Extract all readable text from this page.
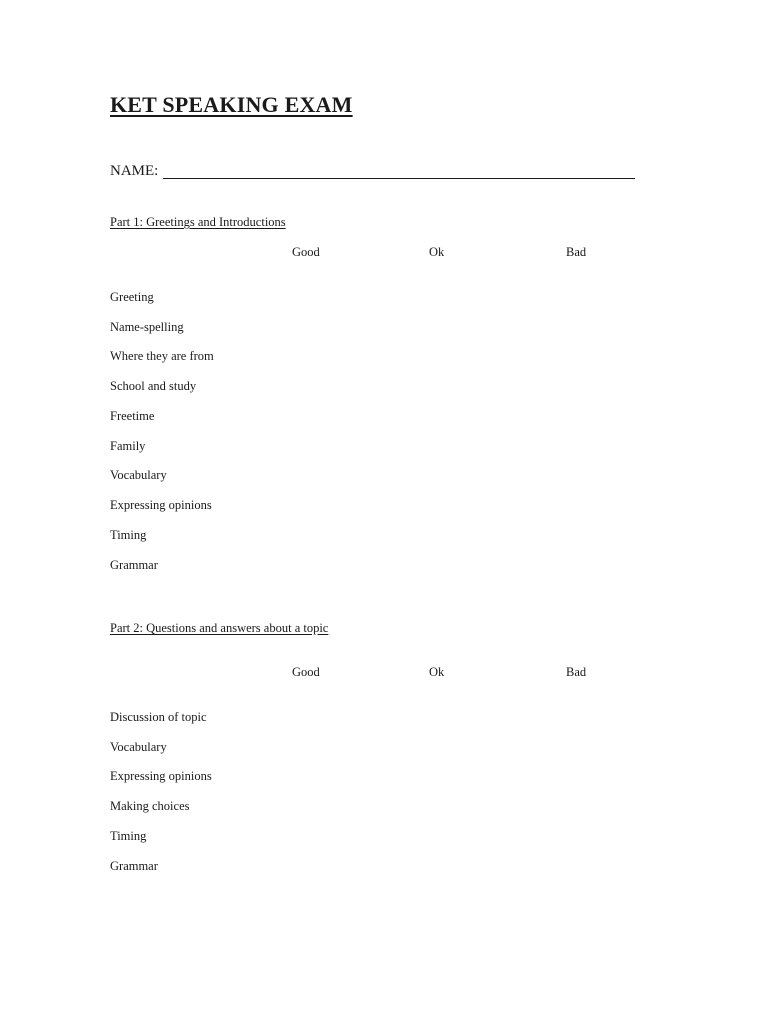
KET SPEAKING EXAM
NAME:
Part 1: Greetings and Introductions
Good	Ok	Bad
Greeting
Name-spelling
Where they are from
School and study
Freetime
Family
Vocabulary
Expressing opinions
Timing
Grammar
Part 2: Questions and answers about a topic
Good	Ok	Bad
Discussion of topic
Vocabulary
Expressing opinions
Making choices
Timing
Grammar
